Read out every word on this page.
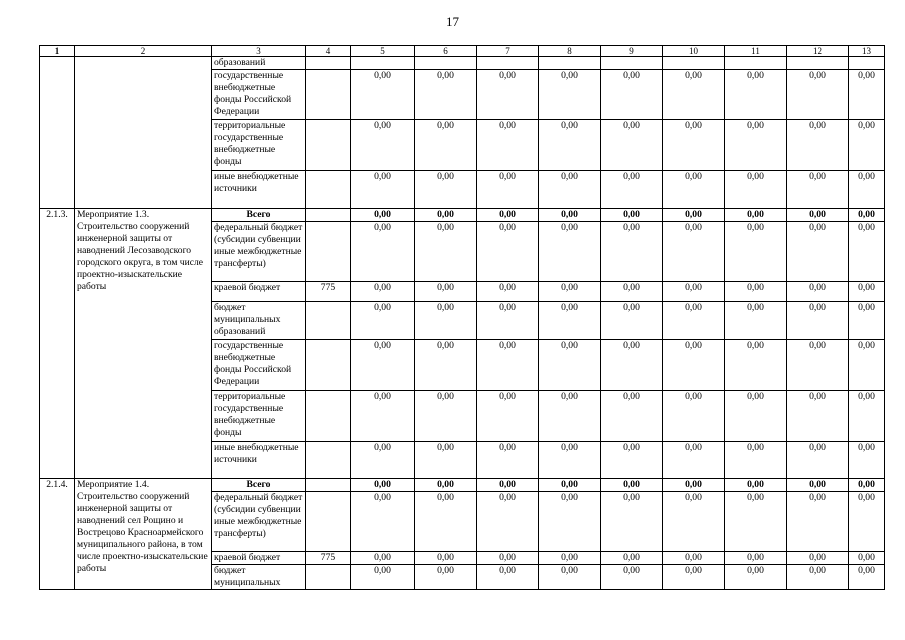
17
1	2	3	4	5	6	7	8	9	10	11	12	13
		образований										
		государственные внебюджетные фонды Российской Федерации		0,00	0,00	0,00	0,00	0,00	0,00	0,00	0,00	0,00
		территориальные государственные внебюджетные фонды		0,00	0,00	0,00	0,00	0,00	0,00	0,00	0,00	0,00
		иные внебюджетные источники		0,00	0,00	0,00	0,00	0,00	0,00	0,00	0,00	0,00
2.1.3.	Мероприятие 1.3. Строительство сооружений инженерной защиты от наводнений Лесозаводского городского округа, в том числе проектно-изыскательские работы	Всего		0,00	0,00	0,00	0,00	0,00	0,00	0,00	0,00	0,00
		федеральный бюджет (субсидии субвенции иные межбюджетные трансферты)		0,00	0,00	0,00	0,00	0,00	0,00	0,00	0,00	0,00
		краевой бюджет	775	0,00	0,00	0,00	0,00	0,00	0,00	0,00	0,00	0,00
		бюджет муниципальных образований		0,00	0,00	0,00	0,00	0,00	0,00	0,00	0,00	0,00
		государственные внебюджетные фонды Российской Федерации		0,00	0,00	0,00	0,00	0,00	0,00	0,00	0,00	0,00
		территориальные государственные внебюджетные фонды		0,00	0,00	0,00	0,00	0,00	0,00	0,00	0,00	0,00
		иные внебюджетные источники		0,00	0,00	0,00	0,00	0,00	0,00	0,00	0,00	0,00
2.1.4.	Мероприятие 1.4. Строительство сооружений инженерной защиты от наводнений сел Рощино и Вострецово Красноармейского муниципального района, в том числе проектно-изыскательские работы	Всего		0,00	0,00	0,00	0,00	0,00	0,00	0,00	0,00	0,00
		федеральный бюджет (субсидии субвенции иные межбюджетные трансферты)		0,00	0,00	0,00	0,00	0,00	0,00	0,00	0,00	0,00
		краевой бюджет	775	0,00	0,00	0,00	0,00	0,00	0,00	0,00	0,00	0,00
		бюджет муниципальных		0,00	0,00	0,00	0,00	0,00	0,00	0,00	0,00	0,00
